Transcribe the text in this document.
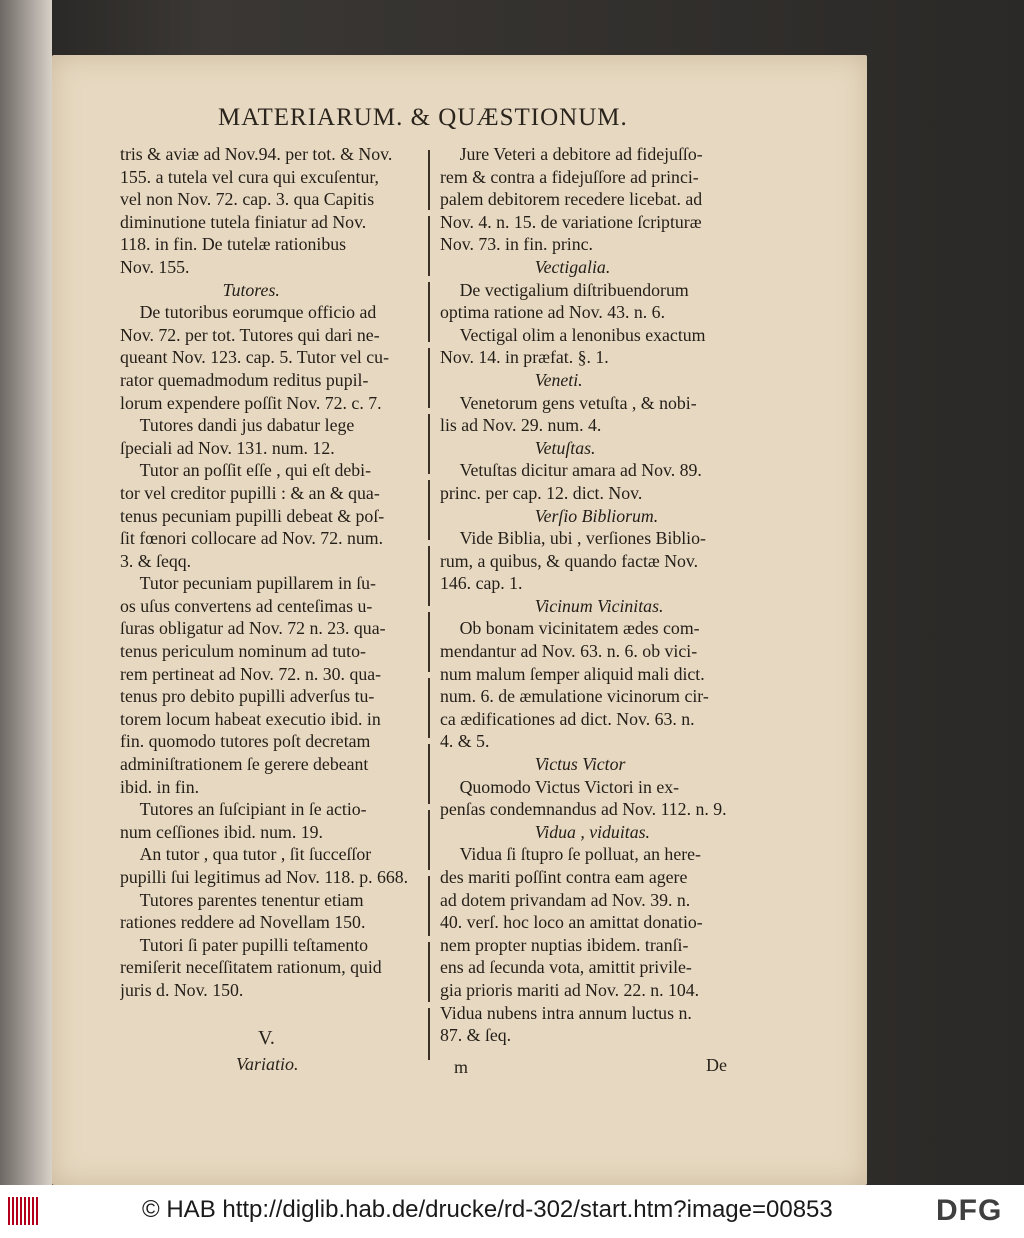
MATERIARUM. & QUÆSTIONUM.
tris & aviæ ad Nov.94. per tot. & Nov.
155. a tutela vel cura qui excuſentur,
vel non Nov. 72. cap. 3. qua Capitis
diminutione tutela finiatur ad Nov.
118. in fin. De tutelæ rationibus
Nov. 155.
Tutores.
De tutoribus eorumque officio ad
Nov. 72. per tot. Tutores qui dari ne-
queant Nov. 123. cap. 5. Tutor vel cu-
rator quemadmodum reditus pupil-
lorum expendere poſſit Nov. 72. c. 7.
Tutores dandi jus dabatur lege
ſpeciali ad Nov. 131. num. 12.
Tutor an poſſit eſſe , qui eſt debi-
tor vel creditor pupilli : & an & qua-
tenus pecuniam pupilli debeat & poſ-
ſit fœnori collocare ad Nov. 72. num.
3. & ſeqq.
Tutor pecuniam pupillarem in ſu-
os uſus convertens ad centeſimas u-
ſuras obligatur ad Nov. 72 n. 23. qua-
tenus periculum nominum ad tuto-
rem pertineat ad Nov. 72. n. 30. qua-
tenus pro debito pupilli adverſus tu-
torem locum habeat executio ibid. in
fin. quomodo tutores poſt decretam
adminiſtrationem ſe gerere debeant
ibid. in fin.
Tutores an ſuſcipiant in ſe actio-
num ceſſiones ibid. num. 19.
An tutor , qua tutor , ſit ſucceſſor
pupilli ſui legitimus ad Nov. 118. p. 668.
Tutores parentes tenentur etiam
rationes reddere ad Novellam 150.
Tutori ſi pater pupilli teſtamento
remiſerit neceſſitatem rationum, quid
juris d. Nov. 150.
Jure Veteri a debitore ad fidejuſſo-
rem & contra a fidejuſſore ad princi-
palem debitorem recedere licebat. ad
Nov. 4. n. 15. de variatione ſcripturæ
Nov. 73. in fin. princ.
Vectigalia.
De vectigalium diſtribuendorum
optima ratione ad Nov. 43. n. 6.
Vectigal olim a lenonibus exactum
Nov. 14. in præfat. §. 1.
Veneti.
Venetorum gens vetuſta , & nobi-
lis ad Nov. 29. num. 4.
Vetuſtas.
Vetuſtas dicitur amara ad Nov. 89.
princ. per cap. 12. dict. Nov.
Verſio Bibliorum.
Vide Biblia, ubi , verſiones Biblio-
rum, a quibus, & quando factæ Nov.
146. cap. 1.
Vicinum Vicinitas.
Ob bonam vicinitatem ædes com-
mendantur ad Nov. 63. n. 6. ob vici-
num malum ſemper aliquid mali dict.
num. 6. de æmulatione vicinorum cir-
ca ædificationes ad dict. Nov. 63. n.
4. & 5.
Victus Victor
Quomodo Victus Victori in ex-
penſas condemnandus ad Nov. 112. n. 9.
Vidua , viduitas.
Vidua ſi ſtupro ſe polluat, an here-
des mariti poſſint contra eam agere
ad dotem privandam ad Nov. 39. n.
40. verſ. hoc loco an amittat donatio-
nem propter nuptias ibidem. tranſi-
ens ad ſecunda vota, amittit privile-
gia prioris mariti ad Nov. 22. n. 104.
Vidua nubens intra annum luctus n.
87. & ſeq.
V.
Variatio.	m	De
© HAB http://diglib.hab.de/drucke/rd-302/start.htm?image=00853	DFG
